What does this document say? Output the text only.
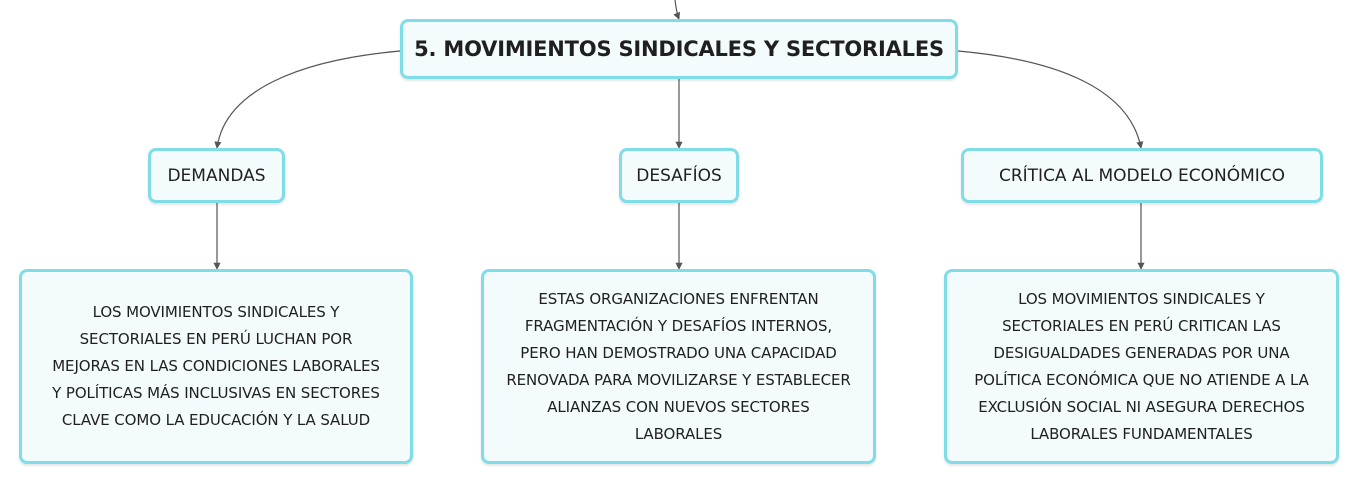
5. MOVIMIENTOS SINDICALES Y SECTORIALES
DEMANDAS	DESAFÍOS	CRÍTICA AL MODELO ECONÓMICO
LOS MOVIMIENTOS SINDICALES Y
SECTORIALES EN PERÚ LUCHAN POR
MEJORAS EN LAS CONDICIONES LABORALES
Y POLÍTICAS MÁS INCLUSIVAS EN SECTORES
CLAVE COMO LA EDUCACIÓN Y LA SALUD
ESTAS ORGANIZACIONES ENFRENTAN
FRAGMENTACIÓN Y DESAFÍOS INTERNOS,
PERO HAN DEMOSTRADO UNA CAPACIDAD
RENOVADA PARA MOVILIZARSE Y ESTABLECER
ALIANZAS CON NUEVOS SECTORES
LABORALES
LOS MOVIMIENTOS SINDICALES Y
SECTORIALES EN PERÚ CRITICAN LAS
DESIGUALDADES GENERADAS POR UNA
POLÍTICA ECONÓMICA QUE NO ATIENDE A LA
EXCLUSIÓN SOCIAL NI ASEGURA DERECHOS
LABORALES FUNDAMENTALES
